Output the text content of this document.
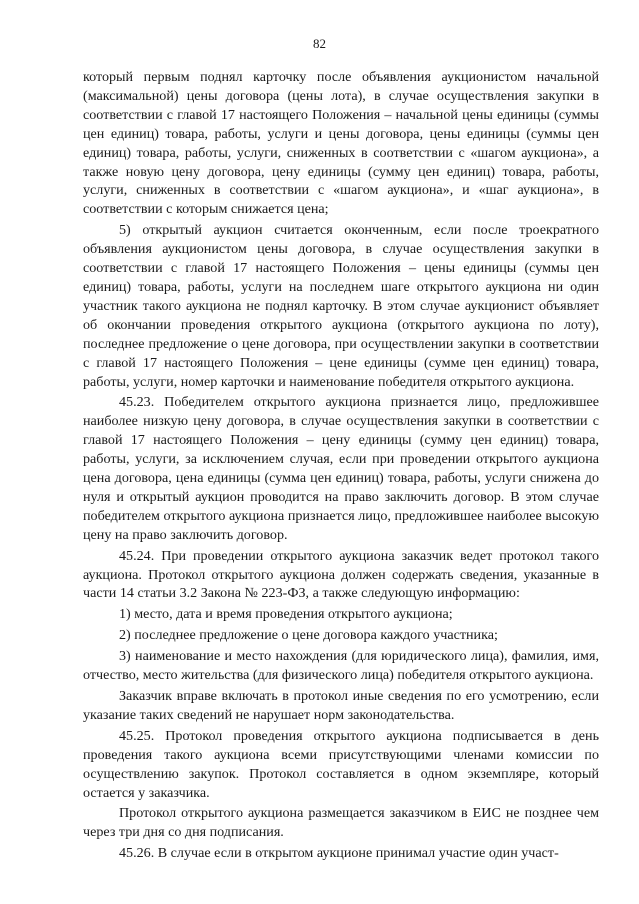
82

который первым поднял карточку после объявления аукционистом начальной (максимальной) цены договора (цены лота), в случае осуществления закупки в соответствии с главой 17 настоящего Положения – начальной цены единицы (суммы цен единиц) товара, работы, услуги и цены договора, цены единицы (суммы цен единиц) товара, работы, услуги, сниженных в соответствии с «шагом аукциона», а также новую цену договора, цену единицы (сумму цен единиц) товара, работы, услуги, сниженных в соответствии с «шагом аукциона», и «шаг аукциона», в соответствии с которым снижается цена;

5) открытый аукцион считается оконченным, если после троекратного объявления аукционистом цены договора, в случае осуществления закупки в соответствии с главой 17 настоящего Положения – цены единицы (суммы цен единиц) товара, работы, услуги на последнем шаге открытого аукциона ни один участник такого аукциона не поднял карточку. В этом случае аукционист объявляет об окончании проведения открытого аукциона (открытого аукциона по лоту), последнее предложение о цене договора, при осуществлении закупки в соответствии с главой 17 настоящего Положения – цене единицы (сумме цен единиц) товара, работы, услуги, номер карточки и наименование победителя открытого аукциона.

45.23. Победителем открытого аукциона признается лицо, предложившее наиболее низкую цену договора, в случае осуществления закупки в соответствии с главой 17 настоящего Положения – цену единицы (сумму цен единиц) товара, работы, услуги, за исключением случая, если при проведении открытого аукциона цена договора, цена единицы (сумма цен единиц) товара, работы, услуги снижена до нуля и открытый аукцион проводится на право заключить договор. В этом случае победителем открытого аукциона признается лицо, предложившее наиболее высокую цену на право заключить договор.

45.24. При проведении открытого аукциона заказчик ведет протокол такого аукциона. Протокол открытого аукциона должен содержать сведения, указанные в части 14 статьи 3.2 Закона № 223-ФЗ, а также следующую информацию:

1) место, дата и время проведения открытого аукциона;

2) последнее предложение о цене договора каждого участника;

3) наименование и место нахождения (для юридического лица), фамилия, имя, отчество, место жительства (для физического лица) победителя открытого аукциона.

Заказчик вправе включать в протокол иные сведения по его усмотрению, если указание таких сведений не нарушает норм законодательства.

45.25. Протокол проведения открытого аукциона подписывается в день проведения такого аукциона всеми присутствующими членами комиссии по осуществлению закупок. Протокол составляется в одном экземпляре, который остается у заказчика.

Протокол открытого аукциона размещается заказчиком в ЕИС не позднее чем через три дня со дня подписания.

45.26. В случае если в открытом аукционе принимал участие один участ-
